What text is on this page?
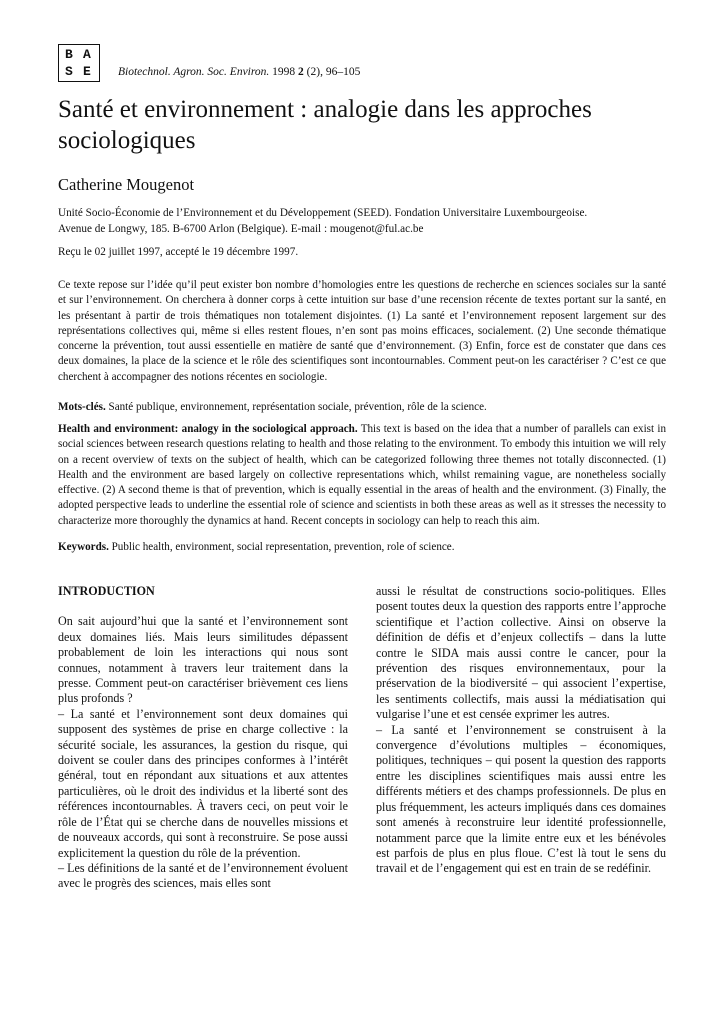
B A
S E Biotechnol. Agron. Soc. Environ. 1998 2 (2), 96–105
Santé et environnement : analogie dans les approches sociologiques
Catherine Mougenot
Unité Socio-Économie de l’Environnement et du Développement (SEED). Fondation Universitaire Luxembourgeoise.
Avenue de Longwy, 185. B-6700 Arlon (Belgique). E-mail : mougenot@ful.ac.be
Reçu le 02 juillet 1997, accepté le 19 décembre 1997.
Ce texte repose sur l’idée qu’il peut exister bon nombre d’homologies entre les questions de recherche en sciences sociales sur la santé et sur l’environnement. On cherchera à donner corps à cette intuition sur base d’une recension récente de textes portant sur la santé, en les présentant à partir de trois thématiques non totalement disjointes. (1) La santé et l’environnement reposent largement sur des représentations collectives qui, même si elles restent floues, n’en sont pas moins efficaces, socialement. (2) Une seconde thématique concerne la prévention, tout aussi essentielle en matière de santé que d’environnement. (3) Enfin, force est de constater que dans ces deux domaines, la place de la science et le rôle des scientifiques sont incontournables. Comment peut-on les caractériser ? C’est ce que cherchent à accompagner des notions récentes en sociologie.
Mots-clés. Santé publique, environnement, représentation sociale, prévention, rôle de la science.
Health and environment: analogy in the sociological approach. This text is based on the idea that a number of parallels can exist in social sciences between research questions relating to health and those relating to the environment. To embody this intuition we will rely on a recent overview of texts on the subject of health, which can be categorized following three themes not totally disconnected. (1) Health and the environment are based largely on collective representations which, whilst remaining vague, are nonetheless socially effective. (2) A second theme is that of prevention, which is equally essential in the areas of health and the environment. (3) Finally, the adopted perspective leads to underline the essential role of science and scientists in both these areas as well as it stresses the necessity to characterize more thoroughly the dynamics at hand. Recent concepts in sociology can help to reach this aim.
Keywords. Public health, environment, social representation, prevention, role of science.
INTRODUCTION

On sait aujourd’hui que la santé et l’environnement sont deux domaines liés. Mais leurs similitudes dépassent probablement de loin les interactions qui nous sont connues, notamment à travers leur traitement dans la presse. Comment peut-on caractériser brièvement ces liens plus profonds ?

– La santé et l’environnement sont deux domaines qui supposent des systèmes de prise en charge collective : la sécurité sociale, les assurances, la gestion du risque, qui doivent se couler dans des principes conformes à l’intérêt général, tout en répondant aux situations et aux attentes particulières, où le droit des individus et la liberté sont des références incontournables. À travers ceci, on peut voir le rôle de l’État qui se cherche dans de nouvelles missions et de nouveaux accords, qui sont à reconstruire. Se pose aussi explicitement la question du rôle de la prévention.

– Les définitions de la santé et de l’environnement évoluent avec le progrès des sciences, mais elles sont

aussi le résultat de constructions socio-politiques. Elles posent toutes deux la question des rapports entre l’approche scientifique et l’action collective. Ainsi on observe la définition de défis et d’enjeux collectifs – dans la lutte contre le SIDA mais aussi contre le cancer, pour la prévention des risques environnementaux, pour la préservation de la biodiversité – qui associent l’expertise, les sentiments collectifs, mais aussi la médiatisation qui vulgarise l’une et est censée exprimer les autres.

– La santé et l’environnement se construisent à la convergence d’évolutions multiples – économiques, politiques, techniques – qui posent la question des rapports entre les disciplines scientifiques mais aussi entre les différents métiers et des champs professionnels. De plus en plus fréquemment, les acteurs impliqués dans ces domaines sont amenés à reconstruire leur identité professionnelle, notamment parce que la limite entre eux et les bénévoles est parfois de plus en plus floue. C’est là tout le sens du travail et de l’engagement qui est en train de se redéfinir.
